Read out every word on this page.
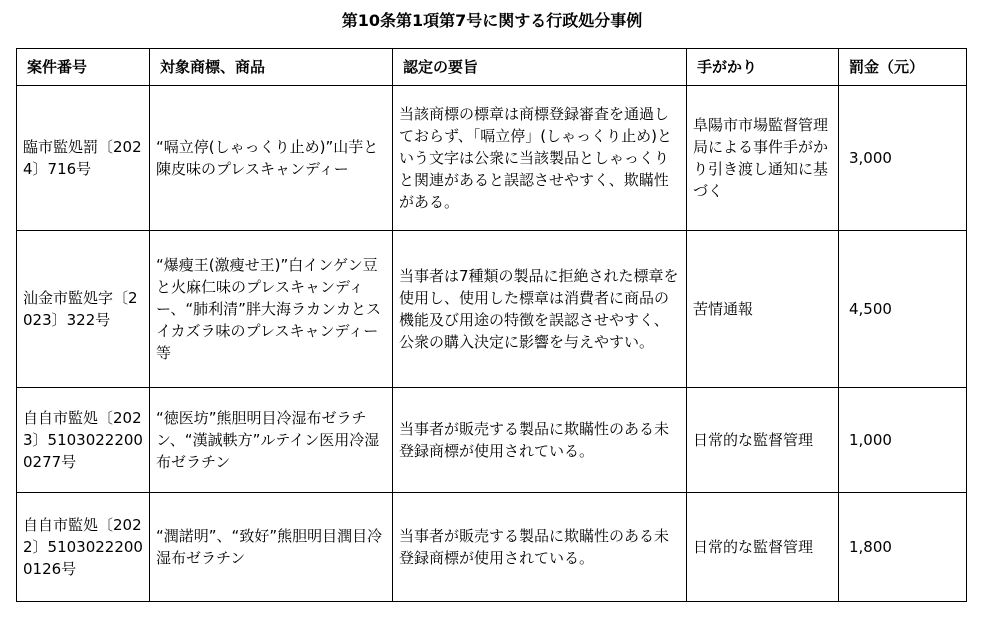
第10条第1項第7号に関する行政処分事例
案件番号	対象商標、商品	認定の要旨	手がかり	罰金（元）
臨市監処罰〔2024〕716号	“嗝立停(しゃっくり止め)”山芋と陳皮味のプレスキャンディー	当該商標の標章は商標登録審査を通過しておらず、「嗝立停」(しゃっくり止め)という文字は公衆に当該製品としゃっくりと関連があると誤認させやすく、欺瞞性がある。	阜陽市市場監督管理局による事件手がかり引き渡し通知に基づく	3,000
汕金市監処字〔2023〕322号	“爆瘦王(激瘦せ王)”白インゲン豆と火麻仁味のプレスキャンディー、“肺利清”胖大海ラカンカとスイカズラ味のプレスキャンディー等	当事者は7種類の製品に拒絶された標章を使用し、使用した標章は消費者に商品の機能及び用途の特徴を誤認させやすく、公衆の購入決定に影響を与えやすい。	苦情通報	4,500
自自市監処〔2023〕51030222000277号	“徳医坊”熊胆明目冷湿布ゼラチン、“漢誠軼方”ルテイン医用冷湿布ゼラチン	当事者が販売する製品に欺瞞性のある未登録商標が使用されている。	日常的な監督管理	1,000
自自市監処〔2022〕51030222000126号	“潤諾明”、“致好”熊胆明目潤目冷湿布ゼラチン	当事者が販売する製品に欺瞞性のある未登録商標が使用されている。	日常的な監督管理	1,800
